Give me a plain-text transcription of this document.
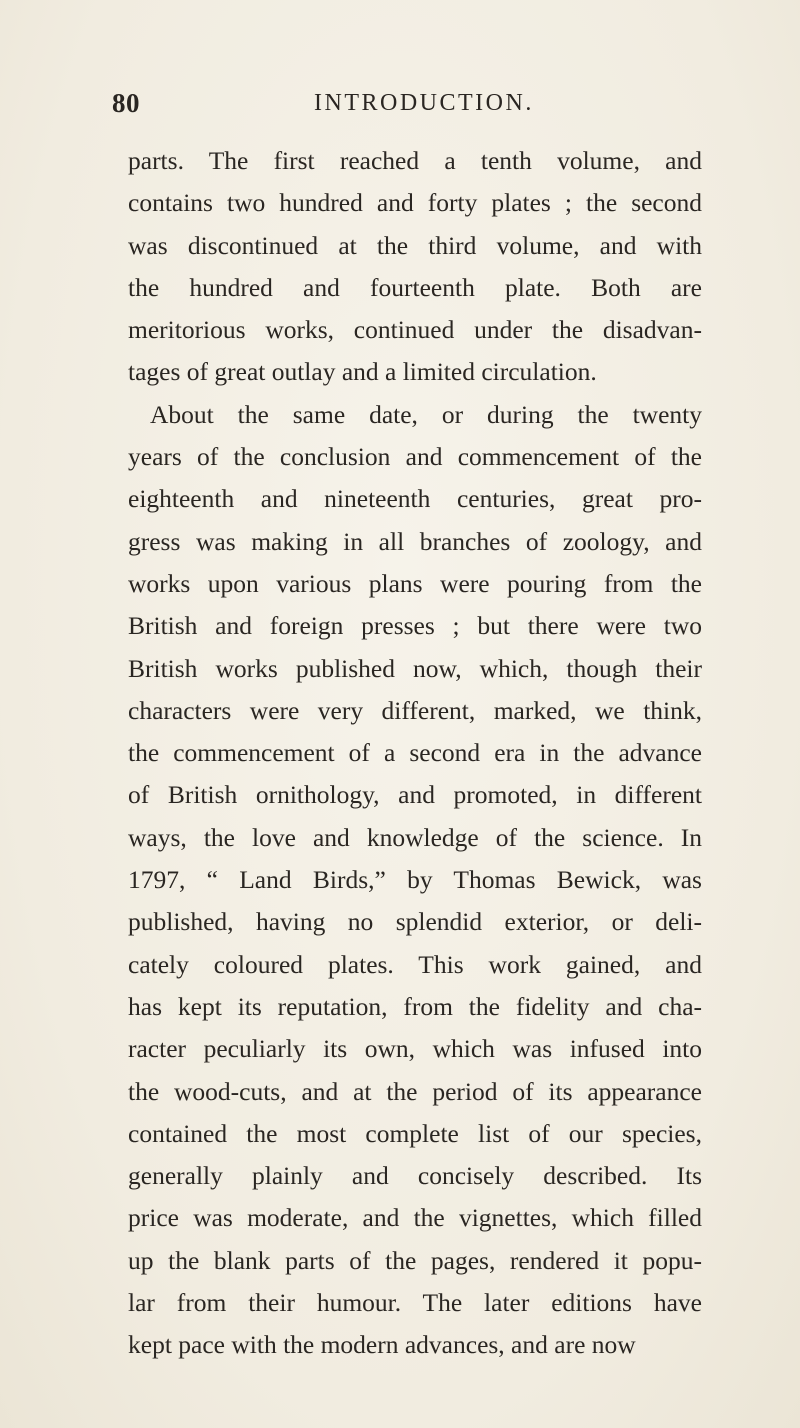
80	INTRODUCTION.
parts. The first reached a tenth volume, and
contains two hundred and forty plates ; the second
was discontinued at the third volume, and with
the hundred and fourteenth plate. Both are
meritorious works, continued under the disadvan-
tages of great outlay and a limited circulation.
About the same date, or during the twenty
years of the conclusion and commencement of the
eighteenth and nineteenth centuries, great pro-
gress was making in all branches of zoology, and
works upon various plans were pouring from the
British and foreign presses ; but there were two
British works published now, which, though their
characters were very different, marked, we think,
the commencement of a second era in the advance
of British ornithology, and promoted, in different
ways, the love and knowledge of the science. In
1797, “ Land Birds,” by Thomas Bewick, was
published, having no splendid exterior, or deli-
cately coloured plates. This work gained, and
has kept its reputation, from the fidelity and cha-
racter peculiarly its own, which was infused into
the wood-cuts, and at the period of its appearance
contained the most complete list of our species,
generally plainly and concisely described. Its
price was moderate, and the vignettes, which filled
up the blank parts of the pages, rendered it popu-
lar from their humour. The later editions have
kept pace with the modern advances, and are now
